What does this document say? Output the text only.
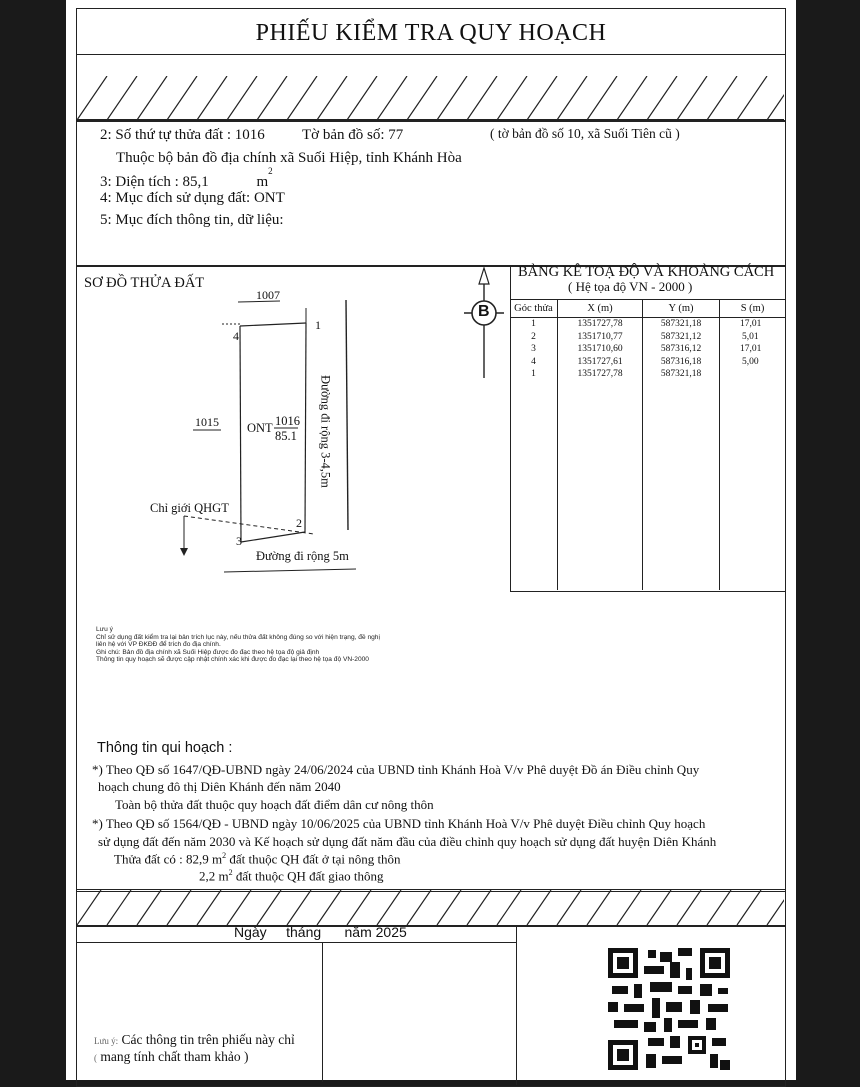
PHIẾU KIỂM TRA QUY HOẠCH
2: Số thứ tự thửa đất : 1016 Tờ bản đồ số: 77	( tờ bản đồ số 10, xã Suối Tiên cũ )
Thuộc bộ bản đồ địa chính xã Suối Hiệp, tỉnh Khánh Hòa
3: Diện tích : 85,1	$m^2$
4: Mục đích sử dụng đất: ONT
5: Mục đích thông tin, dữ liệu:
SƠ ĐỒ THỬA ĐẤT
1007
1
4
1015 ONT 1016
85.1 Đường đi rộng 3-4,5m
Chỉ giới QHGT
2
3
Đường đi rộng 5m
B
BẢNG KÊ TOẠ ĐỘ VÀ KHOẢNG CÁCH
( Hệ tọa độ VN - 2000 )
Góc thửa	X (m)	Y (m)	S (m)
1	1351727,78	587321,18	17,01
2	1351710,77	587321,12	5,01
3	1351710,60	587316,12	17,01
4	1351727,61	587316,18	5,00
1	1351727,78	587321,18	

Lưu ý
Chỉ sử dụng đất kiểm tra lại bản trích lục này, nếu thửa đất không đúng so với hiện trạng, đề nghị
liên hệ với VP ĐKĐĐ để trích đo địa chính.
Ghi chú: Bản đồ địa chính xã Suối Hiệp được đo đạc theo hệ tọa độ giả định
Thông tin quy hoạch sẽ được cập nhật chính xác khi được đo đạc lại theo hệ tọa độ VN-2000
Thông tin qui hoạch :
*) Theo QĐ số 1647/QĐ-UBND ngày 24/06/2024 của UBND tỉnh Khánh Hoà V/v Phê duyệt Đồ án Điều chỉnh Quy
hoạch chung đô thị Diên Khánh đến năm 2040
Toàn bộ thửa đất thuộc quy hoạch đất điểm dân cư nông thôn
*) Theo QĐ số 1564/QĐ - UBND ngày 10/06/2025 của UBND tỉnh Khánh Hoà V/v Phê duyệt Điều chỉnh Quy hoạch
sử dụng đất đến năm 2030 và Kế hoạch sử dụng đất năm đầu của điều chỉnh quy hoạch sử dụng đất huyện Diên Khánh
Thửa đất có : 82,9 $m^2$ đất thuộc QH đất ở tại nông thôn
2,2 $m^2$ đất thuộc QH đất giao thông
Ngày     tháng      năm 2025
Lưu ý: Các thông tin trên phiếu này chỉ
( mang tính chất tham khảo )
